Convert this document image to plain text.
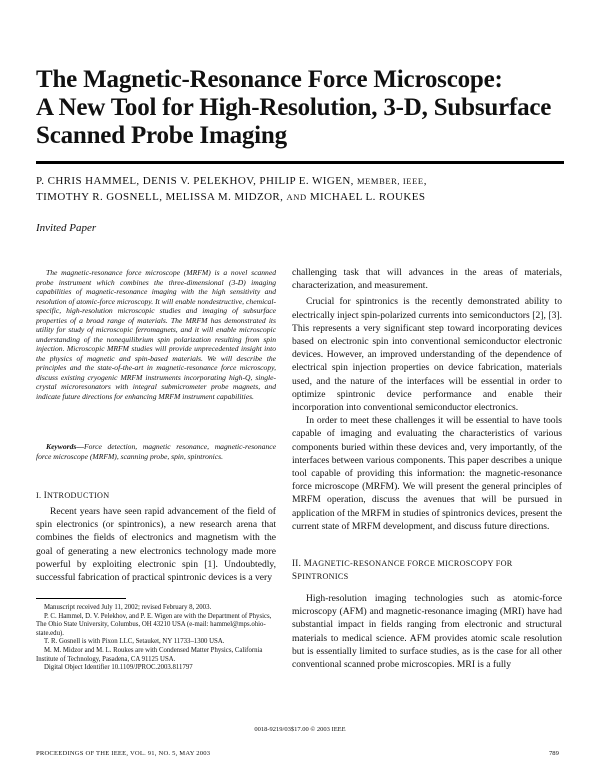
The Magnetic-Resonance Force Microscope:
A New Tool for High-Resolution, 3-D, Subsurface
Scanned Probe Imaging
P. CHRIS HAMMEL, DENIS V. PELEKHOV, PHILIP E. WIGEN, MEMBER, IEEE,
TIMOTHY R. GOSNELL, MELISSA M. MIDZOR, AND MICHAEL L. ROUKES
Invited Paper
The magnetic-resonance force microscope (MRFM) is a novel scanned probe instrument which combines the three-dimensional (3-D) imaging capabilities of magnetic-resonance imaging with the high sensitivity and resolution of atomic-force microscopy. It will enable nondestructive, chemical-specific, high-resolution microscopic studies and imaging of subsurface properties of a broad range of materials. The MRFM has demonstrated its utility for study of microscopic ferromagnets, and it will enable microscopic understanding of the nonequilibrium spin polarization resulting from spin injection. Microscopic MRFM studies will provide unprecedented insight into the physics of magnetic and spin-based materials. We will describe the principles and the state-of-the-art in magnetic-resonance force microscopy, discuss existing cryogenic MRFM instruments incorporating high-Q, single-crystal microresonators with integral submicrometer probe magnets, and indicate future directions for enhancing MRFM instrument capabilities.
Keywords—Force detection, magnetic resonance, magnetic-resonance force microscope (MRFM), scanning probe, spin, spintronics.
I. INTRODUCTION

Recent years have seen rapid advancement of the field of spin electronics (or spintronics), a new research arena that combines the fields of electronics and magnetism with the goal of generating a new electronics technology made more powerful by exploiting electronic spin [1]. Undoubtedly, successful fabrication of practical spintronic devices is a very

Manuscript received July 11, 2002; revised February 8, 2003.
P. C. Hammel, D. V. Pelekhov, and P. E. Wigen are with the Department of Physics, The Ohio State University, Columbus, OH 43210 USA (e-mail: hammel@mps.ohio-state.edu).
T. R. Gosnell is with Pixon LLC, Setauket, NY 11733–1300 USA.
M. M. Midzor and M. L. Roukes are with Condensed Matter Physics, California Institute of Technology, Pasadena, CA 91125 USA.
Digital Object Identifier 10.1109/JPROC.2003.811797

challenging task that will advances in the areas of materials, characterization, and measurement.

Crucial for spintronics is the recently demonstrated ability to electrically inject spin-polarized currents into semiconductors [2], [3]. This represents a very significant step toward incorporating devices based on electronic spin into conventional semiconductor electronic devices. However, an improved understanding of the dependence of electrical spin injection properties on device fabrication, materials used, and the nature of the interfaces will be essential in order to optimize spintronic device performance and enable their incorporation into conventional semiconductor electronics.

In order to meet these challenges it will be essential to have tools capable of imaging and evaluating the characteristics of various components buried within these devices and, very importantly, of the interfaces between various components. This paper describes a unique tool capable of providing this information: the magnetic-resonance force microscope (MRFM). We will present the general principles of MRFM operation, discuss the avenues that will be pursued in application of the MRFM in studies of spintronics devices, present the current state of MRFM development, and discuss future directions.

II. MAGNETIC-RESONANCE FORCE MICROSCOPY FOR
SPINTRONICS

High-resolution imaging technologies such as atomic-force microscopy (AFM) and magnetic-resonance imaging (MRI) have had substantial impact in fields ranging from electronic and structural materials to medical science. AFM provides atomic scale resolution but is essentially limited to surface studies, as is the case for all other conventional scanned probe microscopies. MRI is a fully

0018-9219/03$17.00 © 2003 IEEE
PROCEEDINGS OF THE IEEE, VOL. 91, NO. 5, MAY 2003	789
